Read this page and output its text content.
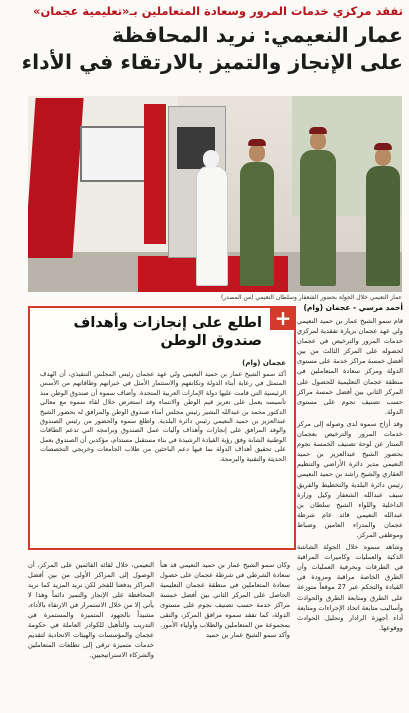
تفقد مركزي خدمات المرور وسعادة المتعاملين بـ«تعليمية عجمان»
عمار النعيمي: نريد المحافظة
على الإنجاز والتميز بالارتقاء في الأداء
عمار النعيمي خلال الجولة بحضور الشعفار وسلطان النعيمي (من المصدر)
أحمد مرسي - عجمان (وام)

قام سمو الشيخ عمار بن حميد النعيمي ولي عهد عجمان بزيارة تفقدية لمركزي خدمات المرور والترخيص في عجمان لحصوله على المركز الثالث من بين أفضل خمسة مراكز خدمة على مستوى الدولة ومركز سعادة المتعاملين في منطقة عجمان التعليمية للحصول على المركز الثاني بين أفضل خمسة مراكز حسب تصنيف نجوم على مستوى الدولة.

وقد أزاح سموه لدى وصوله إلى مركز خدمات المرور والترخيص بعجمان الستار عن لوحة تصنيف الخمسة نجوم بحضور الشيخ عبدالعزيز بن حميد النعيمي مدير دائرة الأراضي والتنظيم العقاري والشيخ راشد بن حميد النعيمي رئيس دائرة البلدية والتخطيط والفريق سيف عبدالله الشعفار وكيل وزارة الداخلية واللواء الشيخ سلطان بن عبدالله النعيمي قائد عام شرطة عجمان والمدراء العامين وضباط وموظفي المركز.

وشاهد سموه خلال الجولة الشاشة الذكية والعمليات وكاميرات المراقبة في الطرقات وبحرفية العمليات وأن الطرق الخاصة مراقبة ومزودة في القيادة والتحكم عبر 27 موقعاً متوزعة على الطرق ومتابعة الطرق والحوادث وأساليب متابعة اتخاذ الإجراءات ومتابعة أداء أجهزة الرادار وتحليل الحوادث ووقوعها.

+
اطلع على إنجازات وأهداف
صندوق الوطن
عجمان (وام)
أكد سمو الشيخ عمار بن حميد النعيمي ولي عهد عجمان رئيس المجلس التنفيذي، أن الهدف المتمثل في رعاية أبناء الدولة وتكاتفهم والاستثمار الأمثل في خبراتهم وطاقاتهم من الأسس الرئيسية التي قامت عليها دولة الإمارات العربية المتحدة. وأضاف سموه أن صندوق الوطن منذ تأسيسه يعمل على تعزيز قيم الوطن والانتماء وقد استعرض خلال لقاء سموه مع معالي الدكتور محمد بن عبدالله البشير رئيس مجلس أمناء صندوق الوطن والمرافق له بحضور الشيخ عبدالعزيز بن حميد النعيمي رئيس دائرة البلدية. واطلع سموه والحضور من رئيس الصندوق والوفد المرافق على إنجازات وأهداف وآليات عمل الصندوق وبرامجه التي تدعم الطاقات الوطنية الشابة وفق رؤية القيادة الرشيدة في بناء مستقبل مستدام، مؤكدين أن الصندوق يعمل على تحقيق أهداف الدولة بما فيها دعم الباحثين من طلاب الجامعات وخريجي التخصصات الحديثة والتقنية والبرمجة.

وكان سمو الشيخ عمار بن حميد النعيمي قد هنأ سعادة الشرطي في شرطة عجمان على حصول سعادة المتعاملين في منطقة عجمان التعليمية الحاصل على المركز الثاني بين أفضل خمسة مراكز خدمة حسب تصنيف نجوم على مستوى الدولة، كما تفقد سموه مرافق المركز، والتقى بمجموعة من المتعاملين والطلاب وأولياء الأمور. وأكد سمو الشيخ عمار بن حميد

النعيمي، خلال لقائه القائمين على المركز، أن الوصول إلى المراكز الأولى من بين أفضل المراكز يدفعنا للفخر لكن نريد المزيد كما نريد المحافظة على الإنجاز والتميز دائماً وهذا لا يأتي إلا من خلال الاستمرار في الارتقاء بالأداء، مشيداً بالجهود المتميزة والمستمرة في التدريب والتأهيل للكوادر العاملة في حكومة عجمان والمؤسسات والهيئات الاتحادية لتقديم خدمات متميزة ترقى إلى تطلعات المتعاملين والشركاء الاستراتيجيين.
